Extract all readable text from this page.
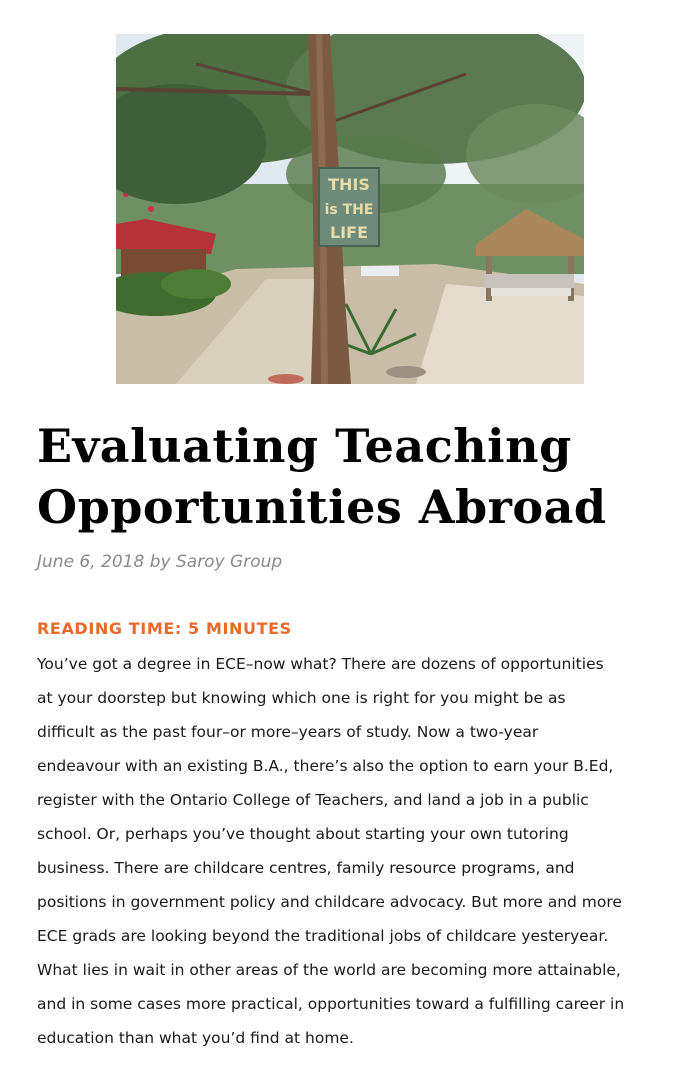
THIS
is THE
LIFE
Evaluating Teaching
Opportunities Abroad
June 6, 2018 by Saroy Group
READING TIME: 5 MINUTES
You’ve got a degree in ECE–now what? There are dozens of opportunities
at your doorstep but knowing which one is right for you might be as
difficult as the past four–or more–years of study. Now a two-year
endeavour with an existing B.A., there’s also the option to earn your B.Ed,
register with the Ontario College of Teachers, and land a job in a public
school. Or, perhaps you’ve thought about starting your own tutoring
business. There are childcare centres, family resource programs, and
positions in government policy and childcare advocacy. But more and more
ECE grads are looking beyond the traditional jobs of childcare yesteryear.
What lies in wait in other areas of the world are becoming more attainable,
and in some cases more practical, opportunities toward a fulfilling career in
education than what you’d find at home.
